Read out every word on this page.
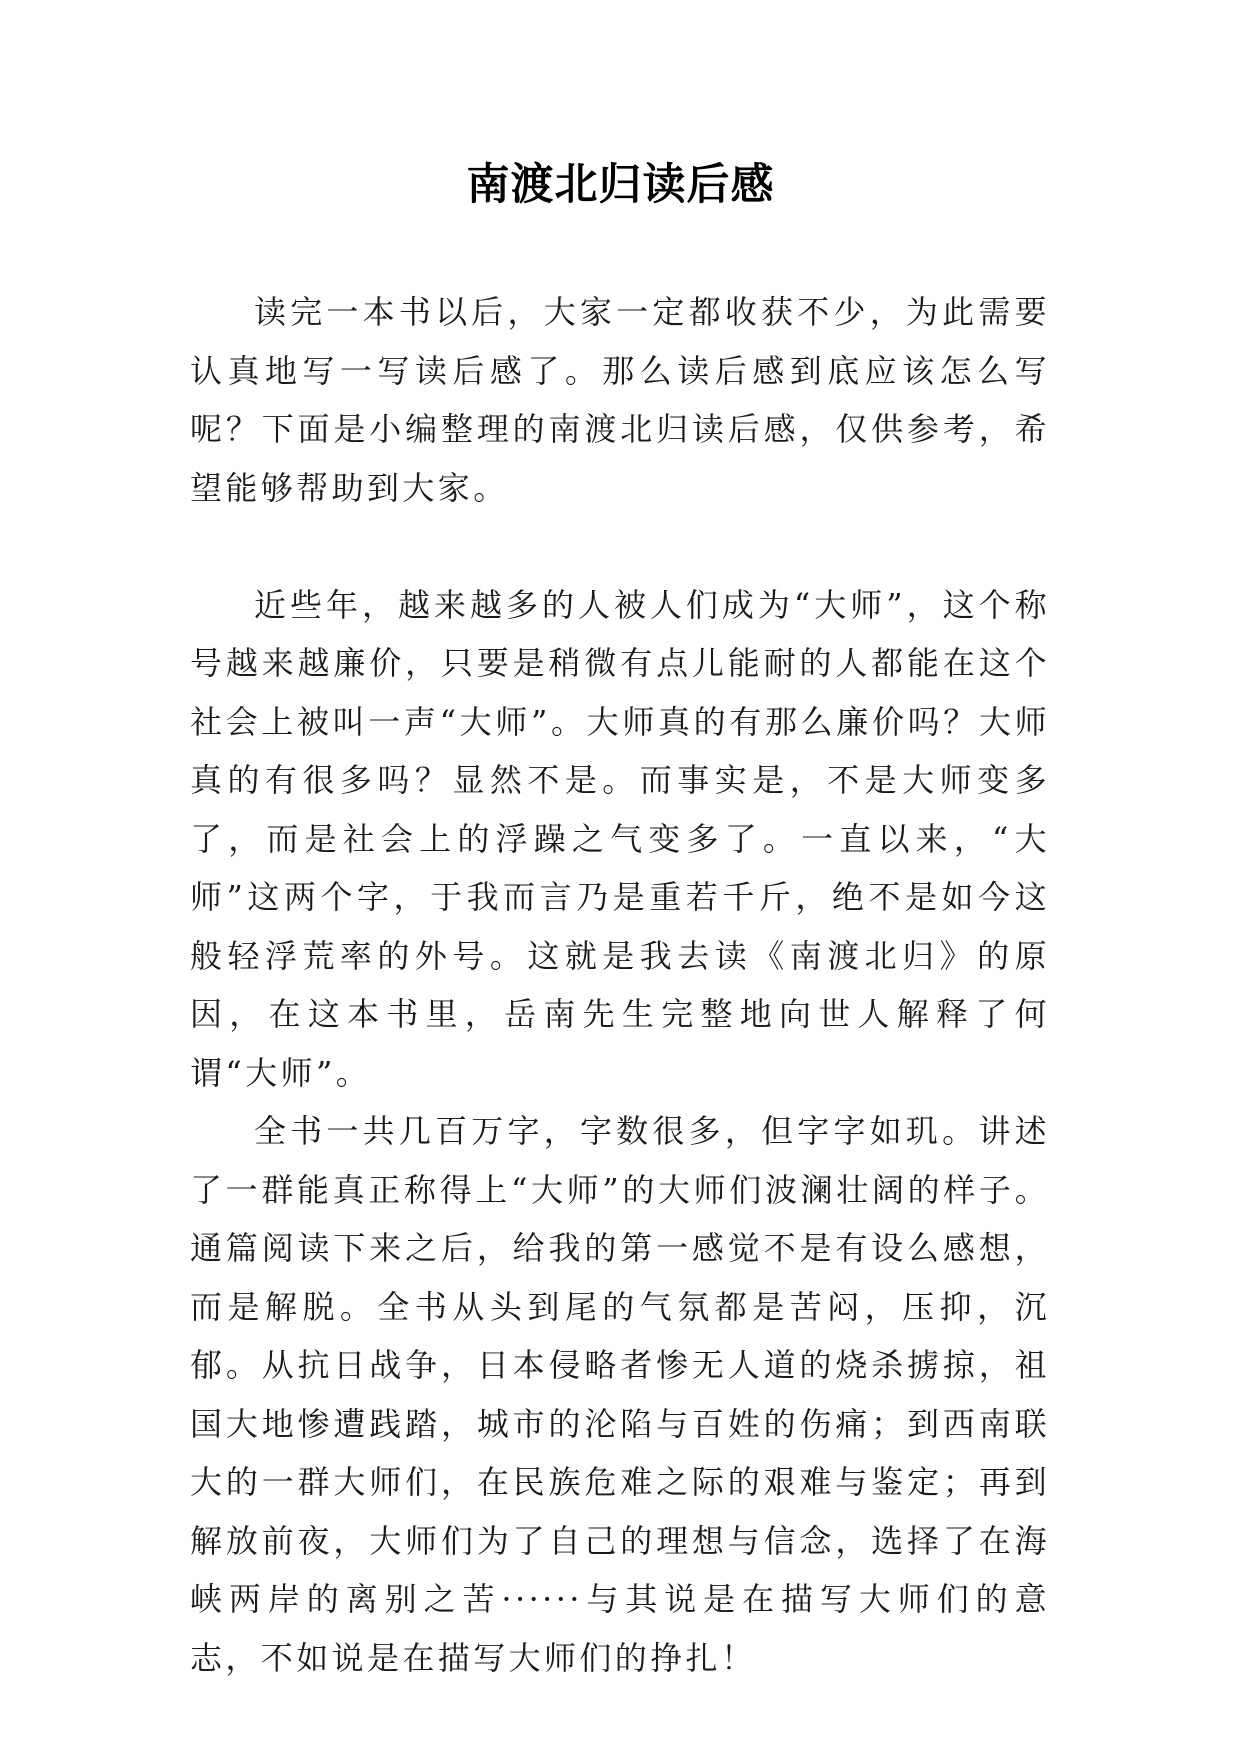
南渡北归读后感

读完一本书以后，大家一定都收获不少，为此需要认真地写一写读后感了。那么读后感到底应该怎么写呢？下面是小编整理的南渡北归读后感，仅供参考，希望能够帮助到大家。

近些年，越来越多的人被人们成为“大师”，这个称号越来越廉价，只要是稍微有点儿能耐的人都能在这个社会上被叫一声“大师”。大师真的有那么廉价吗？大师真的有很多吗？显然不是。而事实是，不是大师变多了，而是社会上的浮躁之气变多了。一直以来，“大师”这两个字，于我而言乃是重若千斤，绝不是如今这般轻浮荒率的外号。这就是我去读《南渡北归》的原因，在这本书里，岳南先生完整地向世人解释了何谓“大师”。

全书一共几百万字，字数很多，但字字如玑。讲述了一群能真正称得上“大师”的大师们波澜壮阔的样子。通篇阅读下来之后，给我的第一感觉不是有设么感想，而是解脱。全书从头到尾的气氛都是苦闷，压抑，沉郁。从抗日战争，日本侵略者惨无人道的烧杀掳掠，祖国大地惨遭践踏，城市的沦陷与百姓的伤痛；到西南联大的一群大师们，在民族危难之际的艰难与鉴定；再到解放前夜，大师们为了自己的理想与信念，选择了在海峡两岸的离别之苦······与其说是在描写大师们的意志，不如说是在描写大师们的挣扎！
